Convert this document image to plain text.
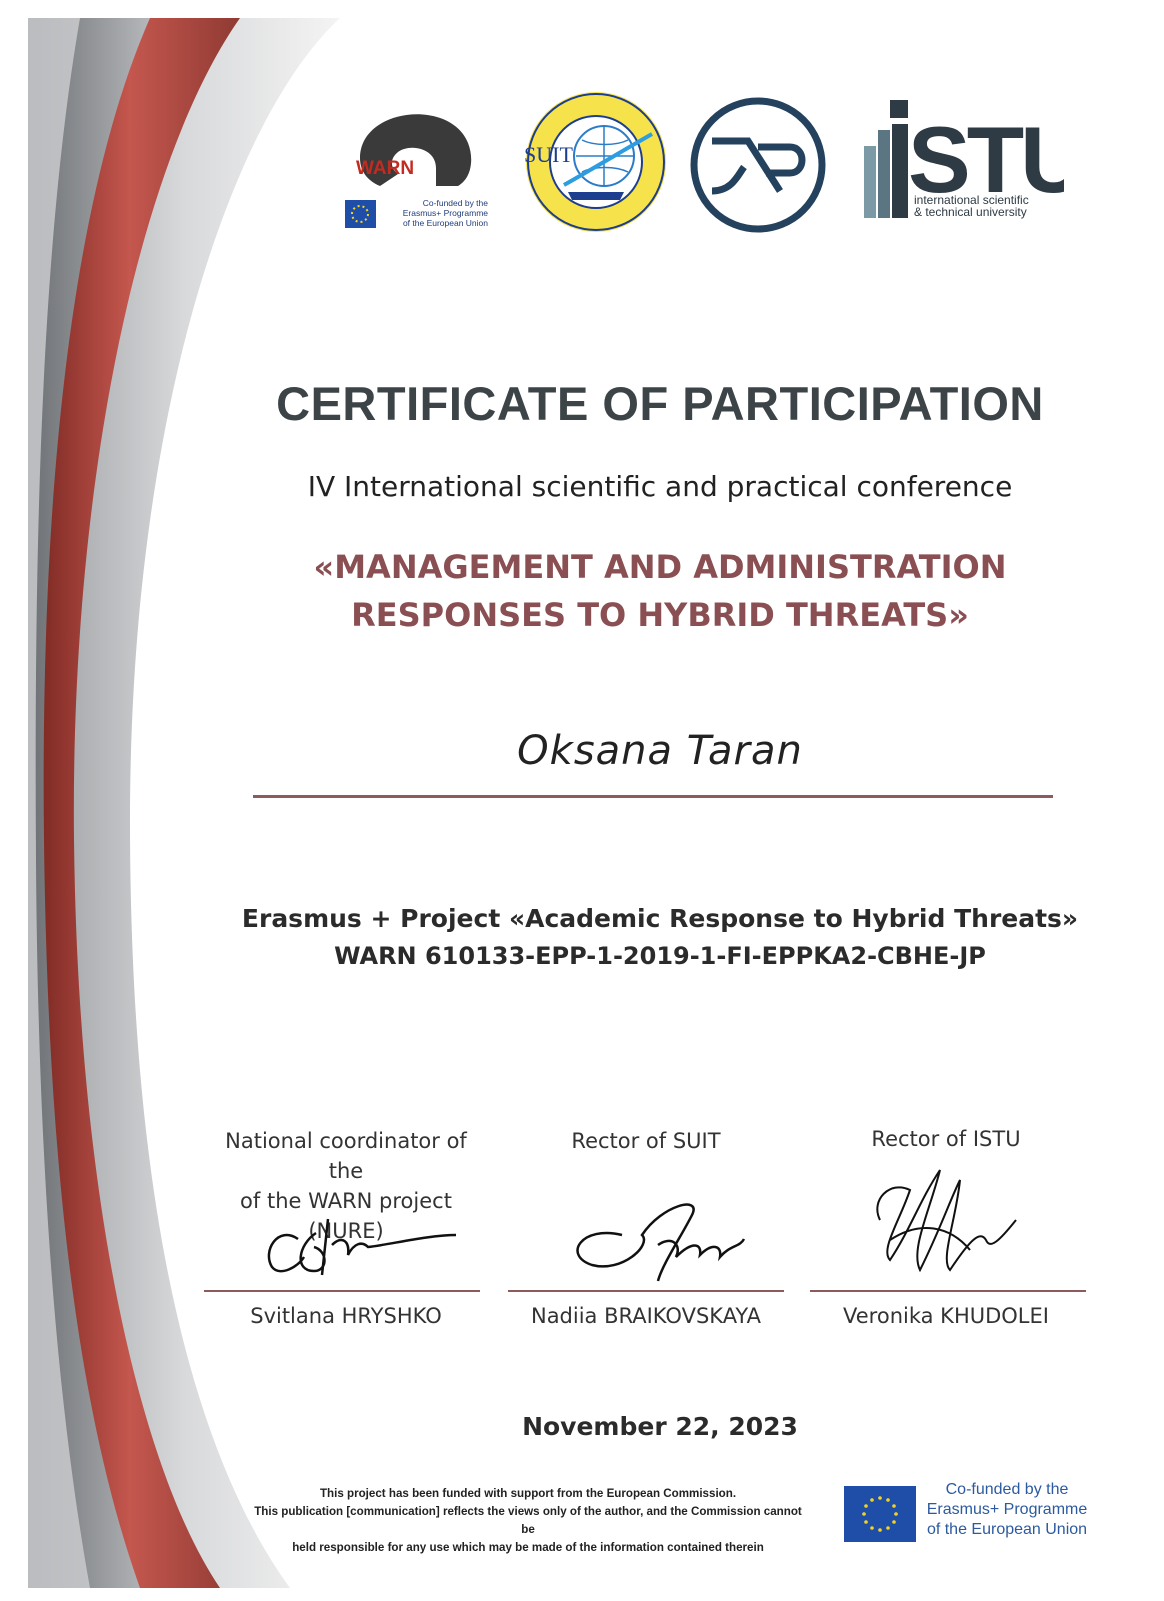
WARN
Co-funded by the
Erasmus+ Programme
of the European Union
SUIT	STU
international scientific
& technical university
CERTIFICATE OF PARTICIPATION
IV International scientific and practical conference
«MANAGEMENT AND ADMINISTRATION
RESPONSES TO HYBRID THREATS»
Oksana Taran
Erasmus + Project «Academic Response to Hybrid Threats»
WARN 610133-EPP-1-2019-1-FI-EPPKA2-CBHE-JP
National coordinator of the
of the WARN project (NURE)
Rector of SUIT	Rector of ISTU
Svitlana HRYSHKO	Nadiia BRAIKOVSKAYA	Veronika KHUDOLEI
November 22, 2023
This project has been funded with support from the European Commission.
This publication [communication] reflects the views only of the author, and the Commission cannot be
held responsible for any use which may be made of the information contained therein
Co-funded by the
Erasmus+ Programme
of the European Union
